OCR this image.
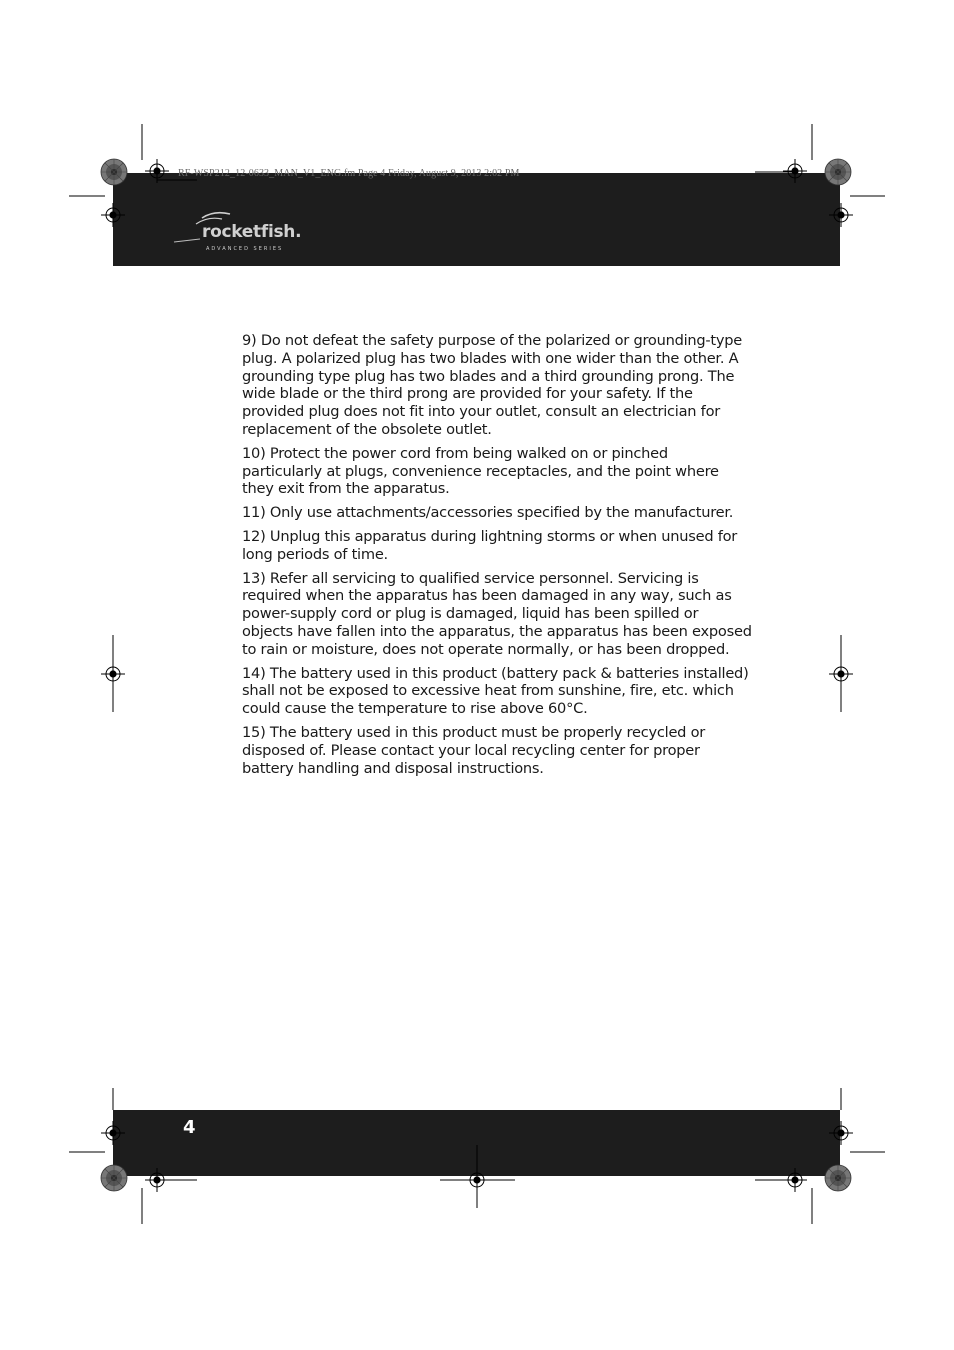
RF-WSP212_12-0633_MAN_V1_ENG.fm Page 4 Friday, August 9, 2013 2:02 PM
rocketfish.
ADVANCED SERIES

9) Do not defeat the safety purpose of the polarized or grounding-type plug. A polarized plug has two blades with one wider than the other. A grounding type plug has two blades and a third grounding prong. The wide blade or the third prong are provided for your safety. If the provided plug does not fit into your outlet, consult an electrician for replacement of the obsolete outlet.

10) Protect the power cord from being walked on or pinched particularly at plugs, convenience receptacles, and the point where they exit from the apparatus.

11) Only use attachments/accessories specified by the manufacturer.

12) Unplug this apparatus during lightning storms or when unused for long periods of time.

13) Refer all servicing to qualified service personnel. Servicing is required when the apparatus has been damaged in any way, such as power-supply cord or plug is damaged, liquid has been spilled or objects have fallen into the apparatus, the apparatus has been exposed to rain or moisture, does not operate normally, or has been dropped.

14) The battery used in this product (battery pack & batteries installed) shall not be exposed to excessive heat from sunshine, fire, etc. which could cause the temperature to rise above 60°C.

15) The battery used in this product must be properly recycled or disposed of. Please contact your local recycling center for proper battery handling and disposal instructions.

4
